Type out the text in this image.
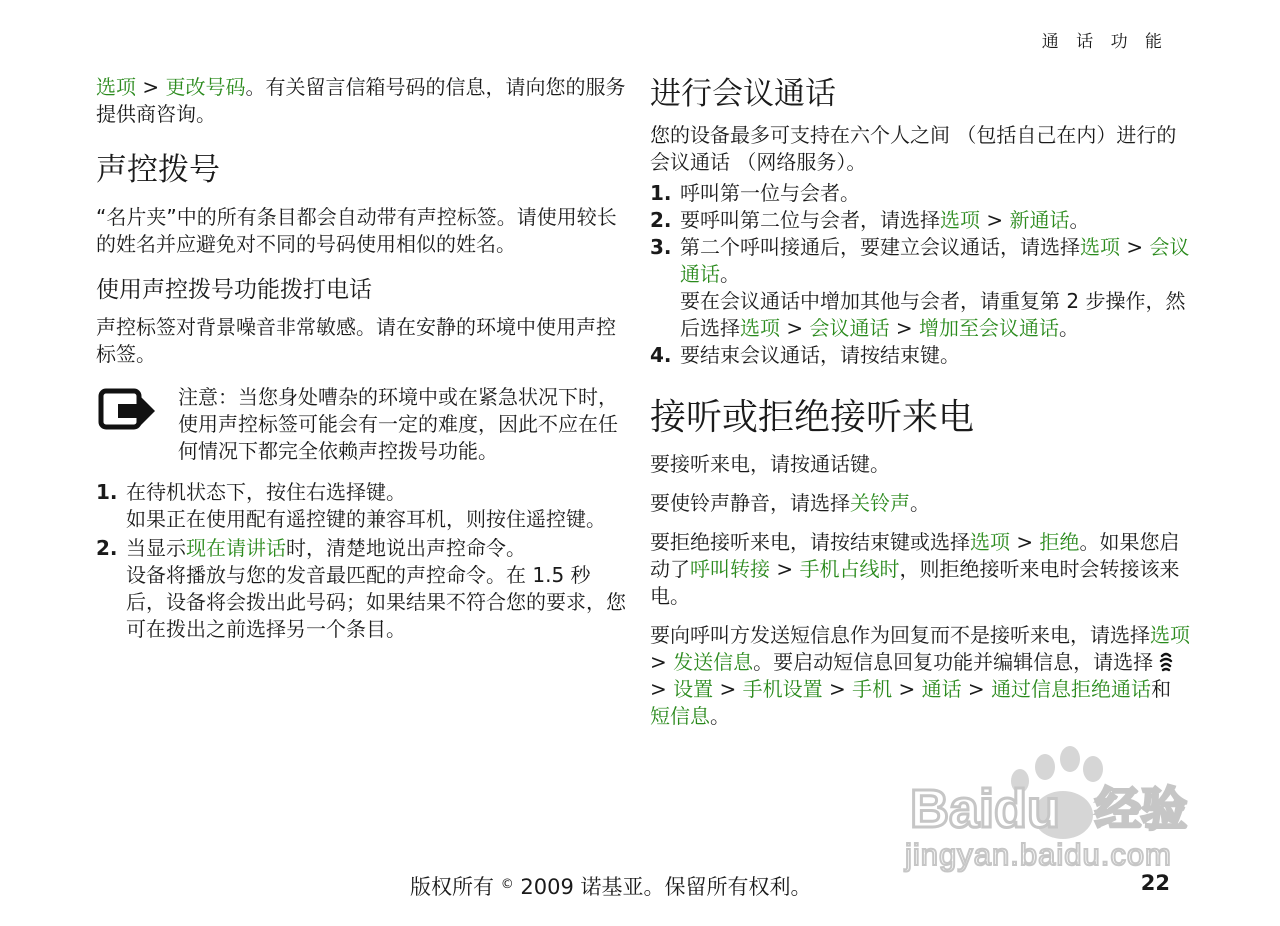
通 话 功 能

选项 > 更改号码。有关留言信箱号码的信息，请向您的服务提供商咨询。

声控拨号

“名片夹”中的所有条目都会自动带有声控标签。请使用较长的姓名并应避免对不同的号码使用相似的姓名。

使用声控拨号功能拨打电话

声控标签对背景噪音非常敏感。请在安静的环境中使用声控标签。

注意：当您身处嘈杂的环境中或在紧急状况下时，使用声控标签可能会有一定的难度，因此不应在任何情况下都完全依赖声控拨号功能。

1. 在待机状态下，按住右选择键。
如果正在使用配有遥控键的兼容耳机，则按住遥控键。
2. 当显示现在请讲话时，清楚地说出声控命令。
设备将播放与您的发音最匹配的声控命令。在 1.5 秒后，设备将会拨出此号码；如果结果不符合您的要求，您可在拨出之前选择另一个条目。
进行会议通话

您的设备最多可支持在六个人之间 （包括自己在内）进行的会议通话 （网络服务）。

1. 呼叫第一位与会者。
2. 要呼叫第二位与会者，请选择选项 > 新通话。
3. 第二个呼叫接通后，要建立会议通话，请选择选项 > 会议通话。
要在会议通话中增加其他与会者，请重复第 2 步操作，然后选择选项 > 会议通话 > 增加至会议通话。
4. 要结束会议通话，请按结束键。
接听或拒绝接听来电

要接听来电，请按通话键。

要使铃声静音，请选择关铃声。

要拒绝接听来电，请按结束键或选择选项 > 拒绝。如果您启动了呼叫转接 > 手机占线时，则拒绝接听来电时会转接该来电。

要向呼叫方发送短信息作为回复而不是接听来电，请选择选项 > 发送信息。要启动短信息回复功能并编辑信息，请选择  > 设置 > 手机设置 > 手机 > 通话 > 通过信息拒绝通话和短信息。

Baidu 经验
jingyan.baidu.com
版权所有 © 2009 诺基亚。保留所有权利。	22
